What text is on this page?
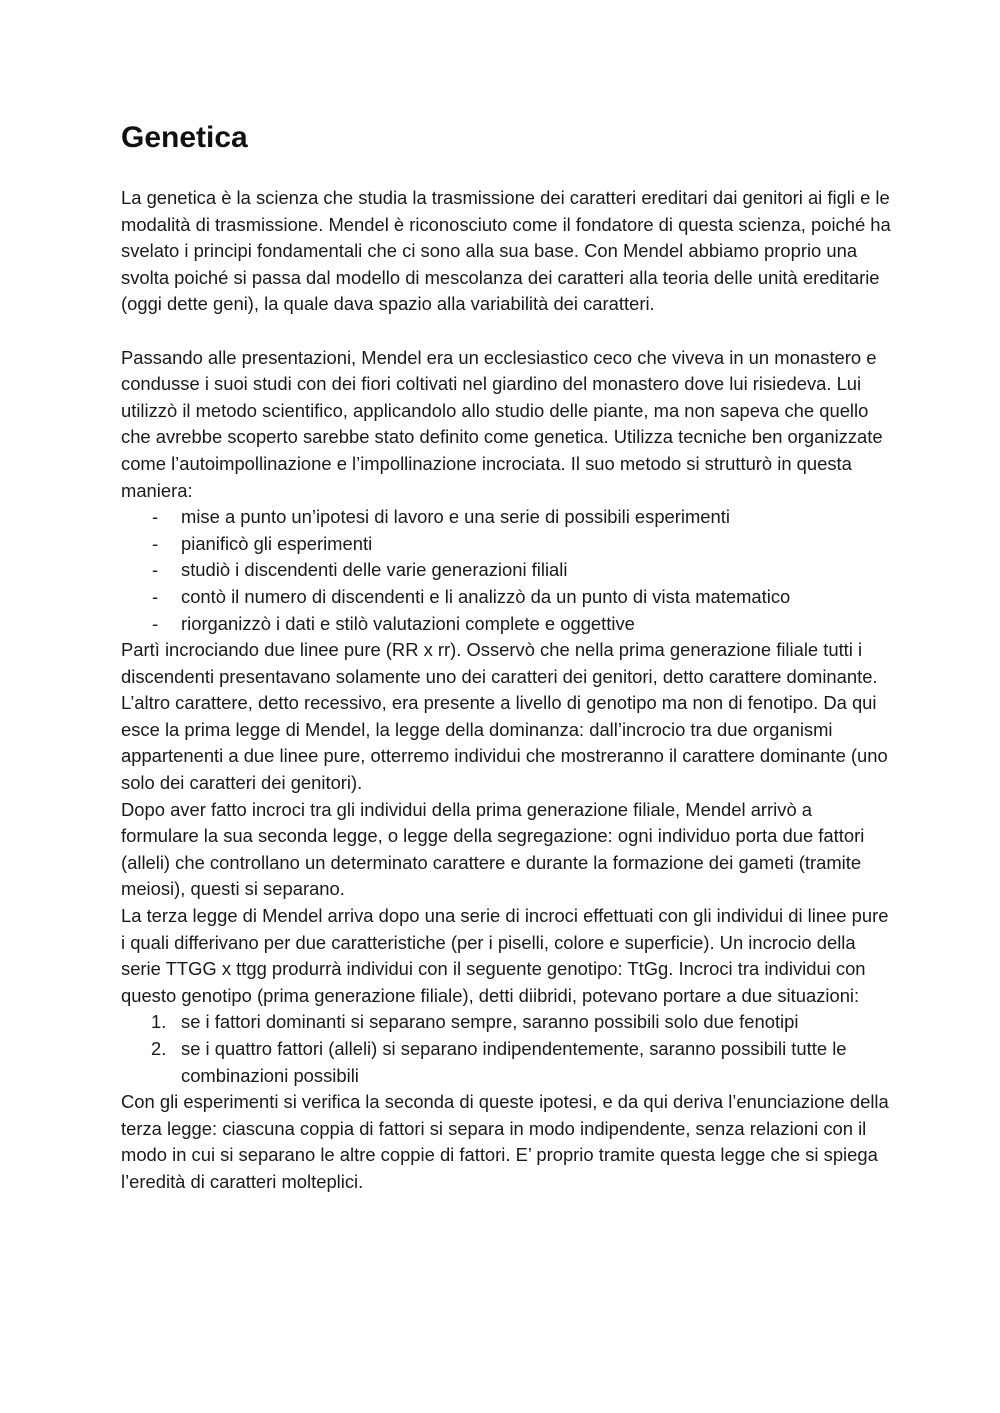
Genetica

La genetica è la scienza che studia la trasmissione dei caratteri ereditari dai genitori ai figli e le modalità di trasmissione. Mendel è riconosciuto come il fondatore di questa scienza, poiché ha svelato i principi fondamentali che ci sono alla sua base. Con Mendel abbiamo proprio una svolta poiché si passa dal modello di mescolanza dei caratteri alla teoria delle unità ereditarie (oggi dette geni), la quale dava spazio alla variabilità dei caratteri.

Passando alle presentazioni, Mendel era un ecclesiastico ceco che viveva in un monastero e condusse i suoi studi con dei fiori coltivati nel giardino del monastero dove lui risiedeva. Lui utilizzò il metodo scientifico, applicandolo allo studio delle piante, ma non sapeva che quello che avrebbe scoperto sarebbe stato definito come genetica. Utilizza tecniche ben organizzate come l’autoimpollinazione e l’impollinazione incrociata. Il suo metodo si strutturò in questa maniera:

- mise a punto un’ipotesi di lavoro e una serie di possibili esperimenti
- pianificò gli esperimenti
- studiò i discendenti delle varie generazioni filiali
- contò il numero di discendenti e li analizzò da un punto di vista matematico
- riorganizzò i dati e stilò valutazioni complete e oggettive

Partì incrociando due linee pure (RR x rr). Osservò che nella prima generazione filiale tutti i discendenti presentavano solamente uno dei caratteri dei genitori, detto carattere dominante. L’altro carattere, detto recessivo, era presente a livello di genotipo ma non di fenotipo. Da qui esce la prima legge di Mendel, la legge della dominanza: dall’incrocio tra due organismi appartenenti a due linee pure, otterremo individui che mostreranno il carattere dominante (uno solo dei caratteri dei genitori).

Dopo aver fatto incroci tra gli individui della prima generazione filiale, Mendel arrivò a formulare la sua seconda legge, o legge della segregazione: ogni individuo porta due fattori (alleli) che controllano un determinato carattere e durante la formazione dei gameti (tramite meiosi), questi si separano.

La terza legge di Mendel arriva dopo una serie di incroci effettuati con gli individui di linee pure i quali differivano per due caratteristiche (per i piselli, colore e superficie). Un incrocio della serie TTGG x ttgg produrrà individui con il seguente genotipo: TtGg. Incroci tra individui con questo genotipo (prima generazione filiale), detti diibridi, potevano portare a due situazioni:

1. se i fattori dominanti si separano sempre, saranno possibili solo due fenotipi
2. se i quattro fattori (alleli) si separano indipendentemente, saranno possibili tutte le combinazioni possibili

Con gli esperimenti si verifica la seconda di queste ipotesi, e da qui deriva l’enunciazione della terza legge: ciascuna coppia di fattori si separa in modo indipendente, senza relazioni con il modo in cui si separano le altre coppie di fattori. E’ proprio tramite questa legge che si spiega l’eredità di caratteri molteplici.
